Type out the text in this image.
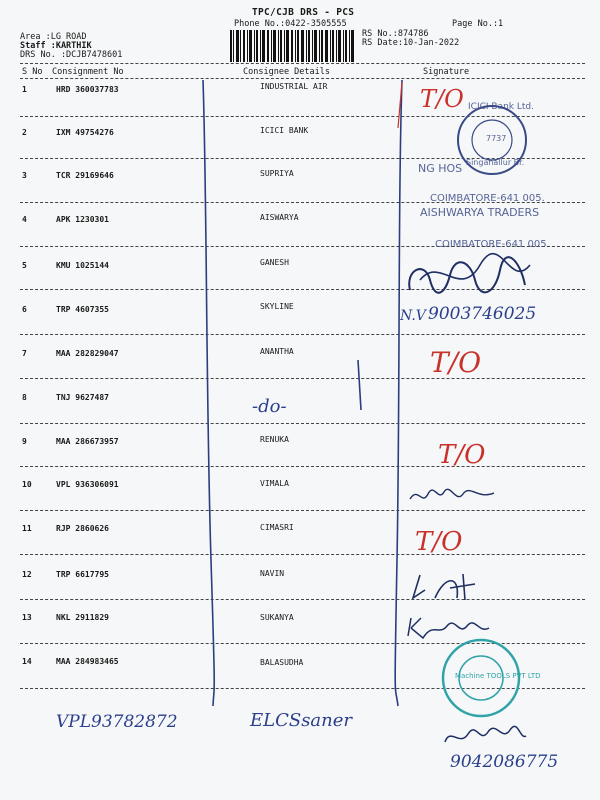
TPC/CJB DRS - PCS
Phone No.:0422-3505555	Page No.:1
Area :LG ROAD
Staff :KARTHIK
DRS No. :DCJB7478601
RS No.:874786
RS Date:10-Jan-2022
S No Consignment No	Consignee Details	Signature
1	HRD 360037783	INDUSTRIAL AIR
2	IXM 49754276	ICICI BANK
3	TCR 29169646	SUPRIYA
4	APK 1230301	AISWARYA
5	KMU 1025144	GANESH
6	TRP 4607355	SKYLINE
7	MAA 282829047	ANANTHA
8	TNJ 9627487
9	MAA 286673957	RENUKA
10	VPL 936306091	VIMALA
11	RJP 2860626	CIMASRI
12	TRP 6617795	NAVIN
13	NKL 2911829	SUKANYA
14	MAA 284983465	BALASUDHA
T/O
T/O
T/O
T/O
-do-
N.V 9003746025
ICICI Bank Ltd.
7737
Singanallur Br.
NG HOS
COIMBATORE-641 005.
AISHWARYA TRADERS
COIMBATORE-641 005
Machine TOOLS PVT LTD
VPL93782872	ELCSsaner
9042086775
